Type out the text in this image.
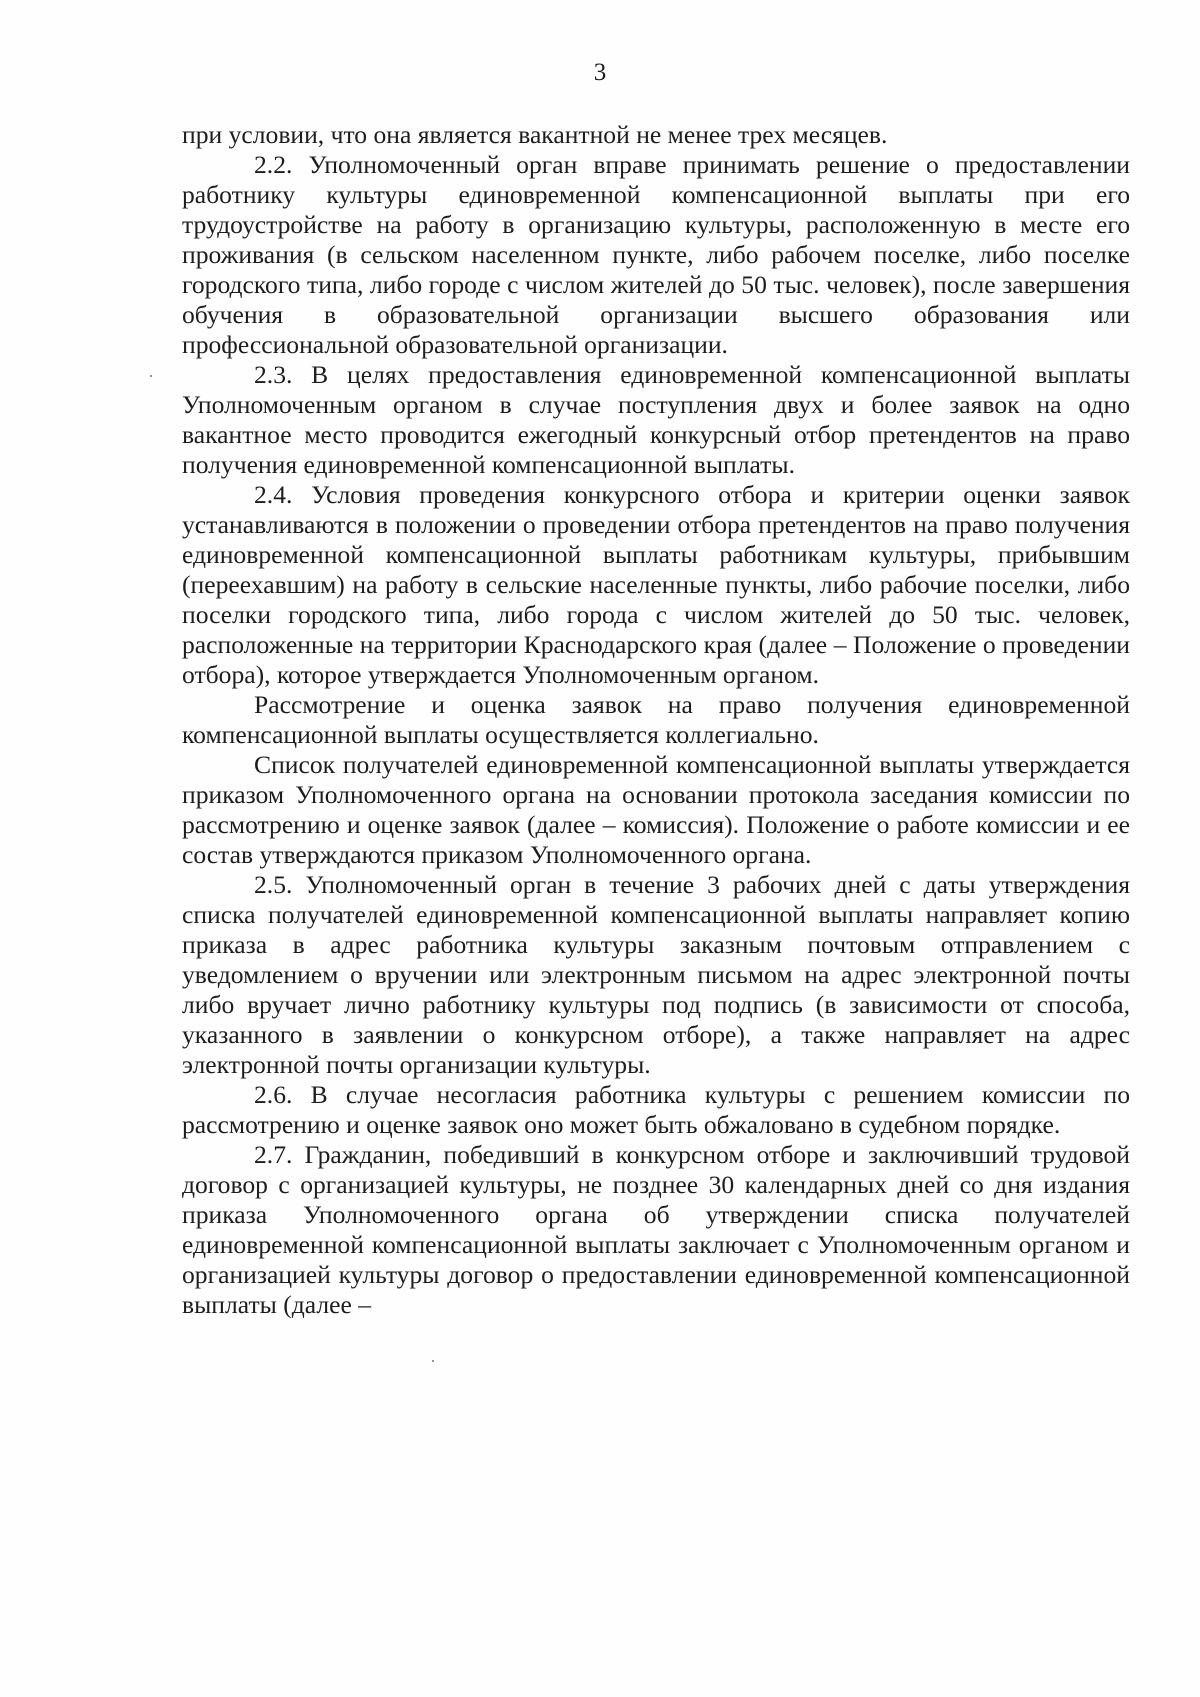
3

при условии, что она является вакантной не менее трех месяцев.

2.2. Уполномоченный орган вправе принимать решение о предоставлении работнику культуры единовременной компенсационной выплаты при его трудоустройстве на работу в организацию культуры, расположенную в месте его проживания (в сельском населенном пункте, либо рабочем поселке, либо поселке городского типа, либо городе с числом жителей до 50 тыс. человек), после завершения обучения в образовательной организации высшего образования или профессиональной образовательной организации.

2.3. В целях предоставления единовременной компенсационной выплаты Уполномоченным органом в случае поступления двух и более заявок на одно вакантное место проводится ежегодный конкурсный отбор претендентов на право получения единовременной компенсационной выплаты.

2.4. Условия проведения конкурсного отбора и критерии оценки заявок устанавливаются в положении о проведении отбора претендентов на право получения единовременной компенсационной выплаты работникам культуры, прибывшим (переехавшим) на работу в сельские населенные пункты, либо рабочие поселки, либо поселки городского типа, либо города с числом жителей до 50 тыс. человек, расположенные на территории Краснодарского края (далее – Положение о проведении отбора), которое утверждается Уполномоченным органом.

Рассмотрение и оценка заявок на право получения единовременной компенсационной выплаты осуществляется коллегиально.

Список получателей единовременной компенсационной выплаты утверждается приказом Уполномоченного органа на основании протокола заседания комиссии по рассмотрению и оценке заявок (далее – комиссия). Положение о работе комиссии и ее состав утверждаются приказом Уполномоченного органа.

2.5. Уполномоченный орган в течение 3 рабочих дней с даты утверждения списка получателей единовременной компенсационной выплаты направляет копию приказа в адрес работника культуры заказным почтовым отправлением с уведомлением о вручении или электронным письмом на адрес электронной почты либо вручает лично работнику культуры под подпись (в зависимости от способа, указанного в заявлении о конкурсном отборе), а также направляет на адрес электронной почты организации культуры.

2.6. В случае несогласия работника культуры с решением комиссии по рассмотрению и оценке заявок оно может быть обжаловано в судебном порядке.

2.7. Гражданин, победивший в конкурсном отборе и заключивший трудовой договор с организацией культуры, не позднее 30 календарных дней со дня издания приказа Уполномоченного органа об утверждении списка получателей единовременной компенсационной выплаты заключает с Уполномоченным органом и организацией культуры договор о предоставлении единовременной компенсационной выплаты (далее –
